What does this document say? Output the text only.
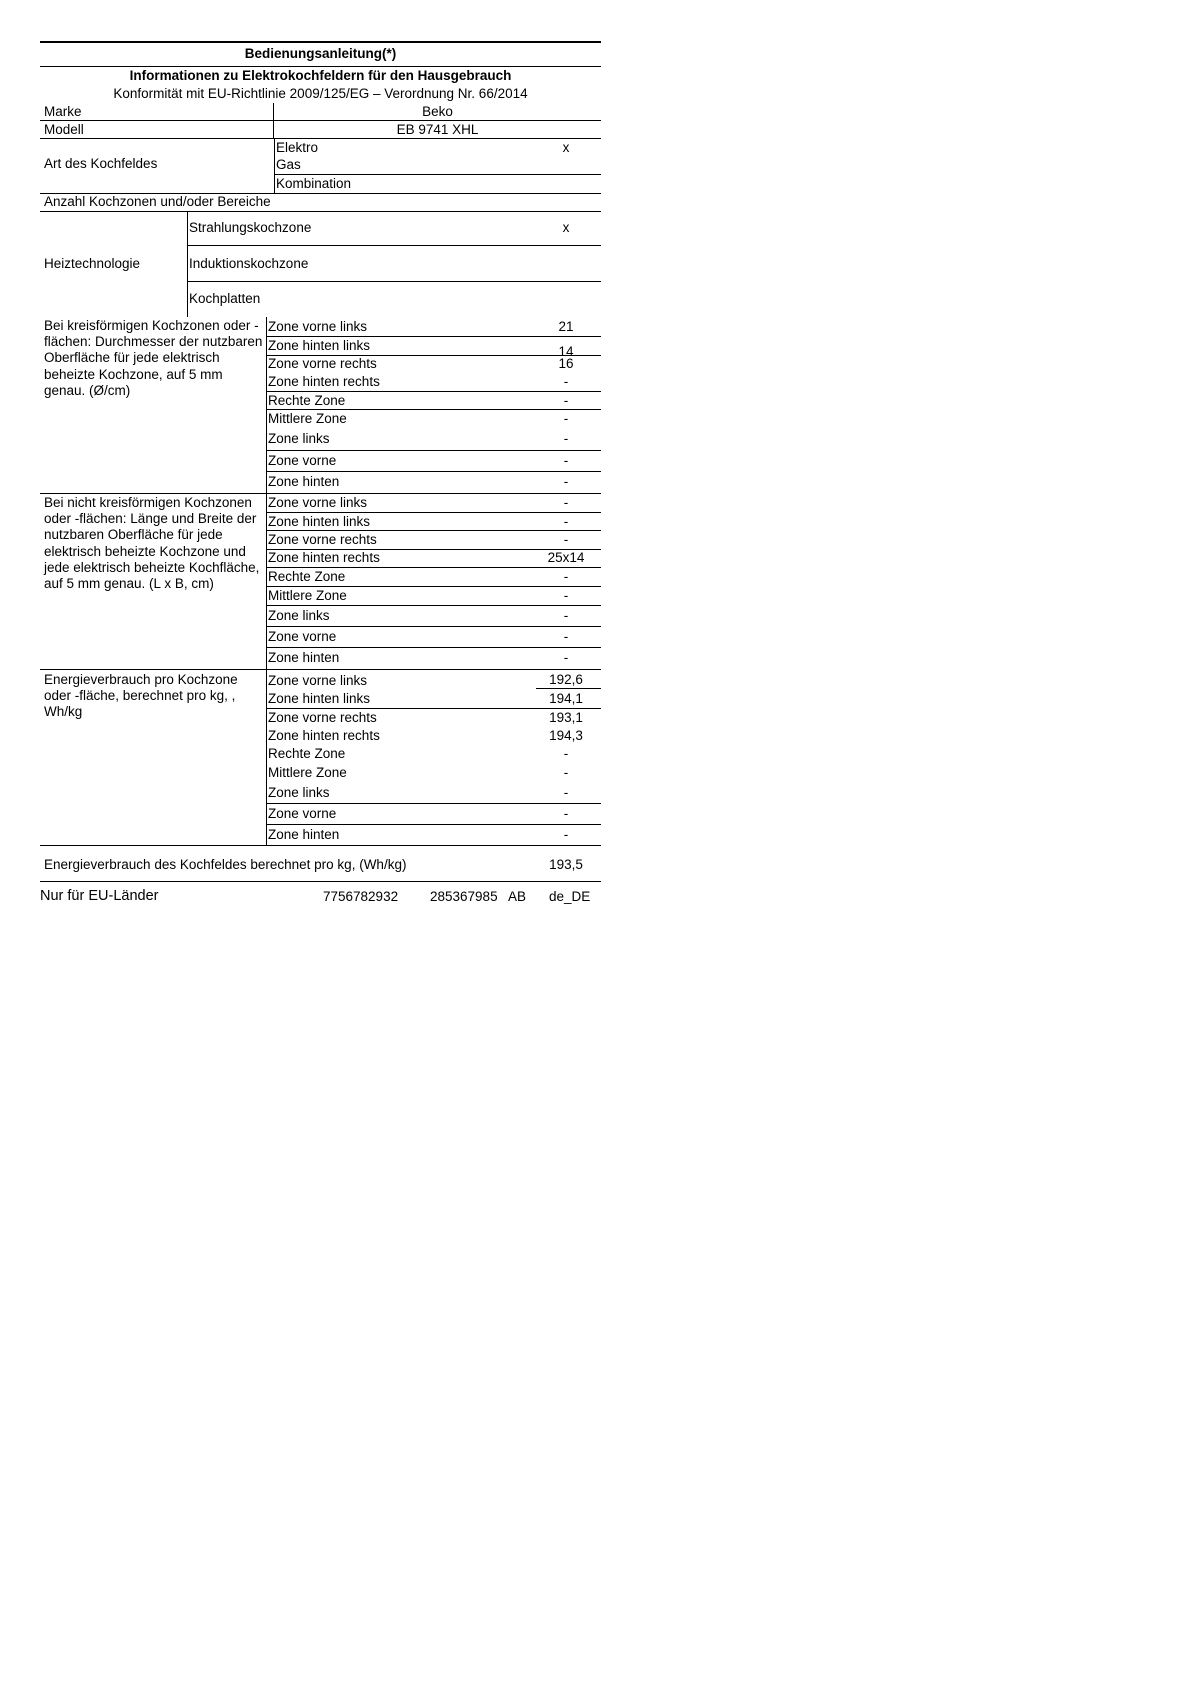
Bedienungsanleitung(*)
Informationen zu Elektrokochfeldern für den Hausgebrauch
Konformität mit EU-Richtlinie 2009/125/EG – Verordnung Nr. 66/2014
Marke	Beko
Modell	EB 9741 XHL
Art des Kochfeldes
Elektro	x
Gas
Kombination
Anzahl Kochzonen und/oder Bereiche
Heiztechnologie
Strahlungskochzone	x
Induktionskochzone
Kochplatten
Bei kreisförmigen Kochzonen oder -flächen: Durchmesser der nutzbaren Oberfläche für jede elektrisch beheizte Kochzone, auf 5 mm genau. (Ø/cm)
Zone vorne links	21
Zone hinten links	14
Zone vorne rechts	16
Zone hinten rechts	-
Rechte Zone	-
Mittlere Zone	-
Zone links	-
Zone vorne	-
Zone hinten	-
Bei nicht kreisförmigen Kochzonen oder -flächen: Länge und Breite der nutzbaren Oberfläche für jede elektrisch beheizte Kochzone und jede elektrisch beheizte Kochfläche, auf 5 mm genau. (L x B, cm)
Zone vorne links	-
Zone hinten links	-
Zone vorne rechts	-
Zone hinten rechts	25x14
Rechte Zone	-
Mittlere Zone	-
Zone links	-
Zone vorne	-
Zone hinten	-
Energieverbrauch pro Kochzone oder -fläche, berechnet pro kg, , Wh/kg
Zone vorne links	192,6
Zone hinten links	194,1
Zone vorne rechts	193,1
Zone hinten rechts	194,3
Rechte Zone	-
Mittlere Zone	-
Zone links	-
Zone vorne	-
Zone hinten	-
Energieverbrauch des Kochfeldes berechnet pro kg, (Wh/kg)	193,5
Nur für EU-Länder	7756782932 285367985 AB de_DE
